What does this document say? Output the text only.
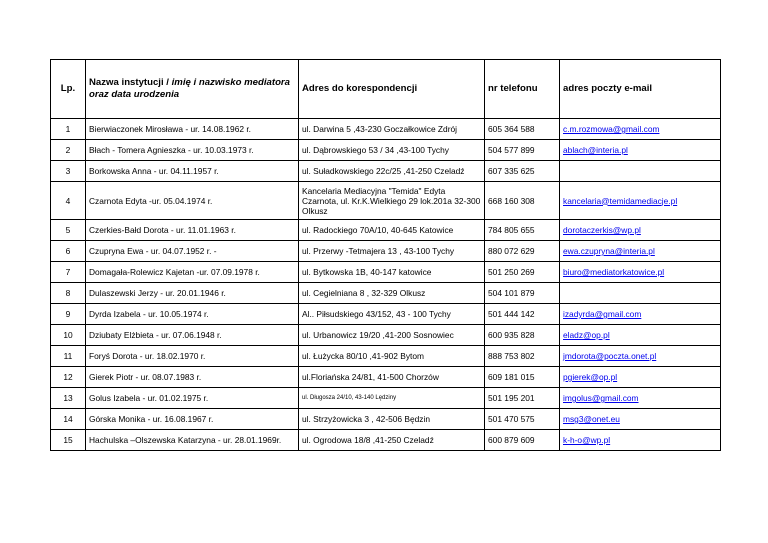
Lp.	Nazwa instytucji / imię i nazwisko mediatora oraz data urodzenia	Adres do korespondencji	nr telefonu	adres poczty e-mail
1	Bierwiaczonek Mirosława - ur. 14.08.1962 r.	ul. Darwina 5 ,43-230 Goczałkowice Zdrój	605 364 588	c.m.rozmowa@gmail.com
2	Błach - Tomera Agnieszka - ur. 10.03.1973 r.	ul. Dąbrowskiego 53 / 34 ,43-100 Tychy	504 577 899	ablach@interia.pl
3	Borkowska Anna - ur. 04.11.1957 r.	ul. Suładkowskiego 22c/25 ,41-250 Czeladź	607 335 625	
4	Czarnota Edyta -ur. 05.04.1974 r.	Kancelaria Mediacyjna "Temida" Edyta Czarnota, ul. Kr.K.Wielkiego 29 lok.201a 32-300 Olkusz	668 160 308	kancelaria@temidamediacje.pl
5	Czerkies-Bałd Dorota - ur. 11.01.1963 r.	ul. Radockiego 70A/10, 40-645 Katowice	784 805 655	dorotaczerkis@wp.pl
6	Czupryna Ewa - ur. 04.07.1952 r. -	ul. Przerwy -Tetmajera 13 , 43-100 Tychy	880 072 629	ewa.czupryna@interia.pl
7	Domagała-Rolewicz Kajetan -ur. 07.09.1978 r.	ul. Bytkowska 1B, 40-147 katowice	501 250 269	biuro@mediatorkatowice.pl
8	Dulaszewski Jerzy - ur. 20.01.1946 r.	ul. Cegielniana 8 , 32-329 Olkusz	504 101 879	
9	Dyrda Izabela - ur. 10.05.1974 r.	Al.. Piłsudskiego 43/152, 43 - 100 Tychy	501 444 142	izadyrda@gmail.com
10	Dziubaty Elżbieta - ur. 07.06.1948 r.	ul. Urbanowicz 19/20 ,41-200 Sosnowiec	600 935 828	eladz@op.pl
11	Foryś Dorota - ur. 18.02.1970 r.	ul. Łużycka 80/10 ,41-902 Bytom	888 753 802	jmdorota@poczta.onet.pl
12	Gierek Piotr - ur. 08.07.1983 r.	ul.Floriańska 24/81, 41-500 Chorzów	609 181 015	pgierek@op.pl
13	Golus Izabela - ur. 01.02.1975 r.	ul. Długosza 24/10, 43-140 Lędziny	501 195 201	imgolus@gmail.com
14	Górska Monika - ur. 16.08.1967 r.	ul. Strzyżowicka 3 , 42-506 Będzin	501 470 575	msg3@onet.eu
15	Hachulska –Olszewska Katarzyna - ur. 28.01.1969r.	ul. Ogrodowa 18/8 ,41-250 Czeladź	600 879 609	k-h-o@wp.pl
